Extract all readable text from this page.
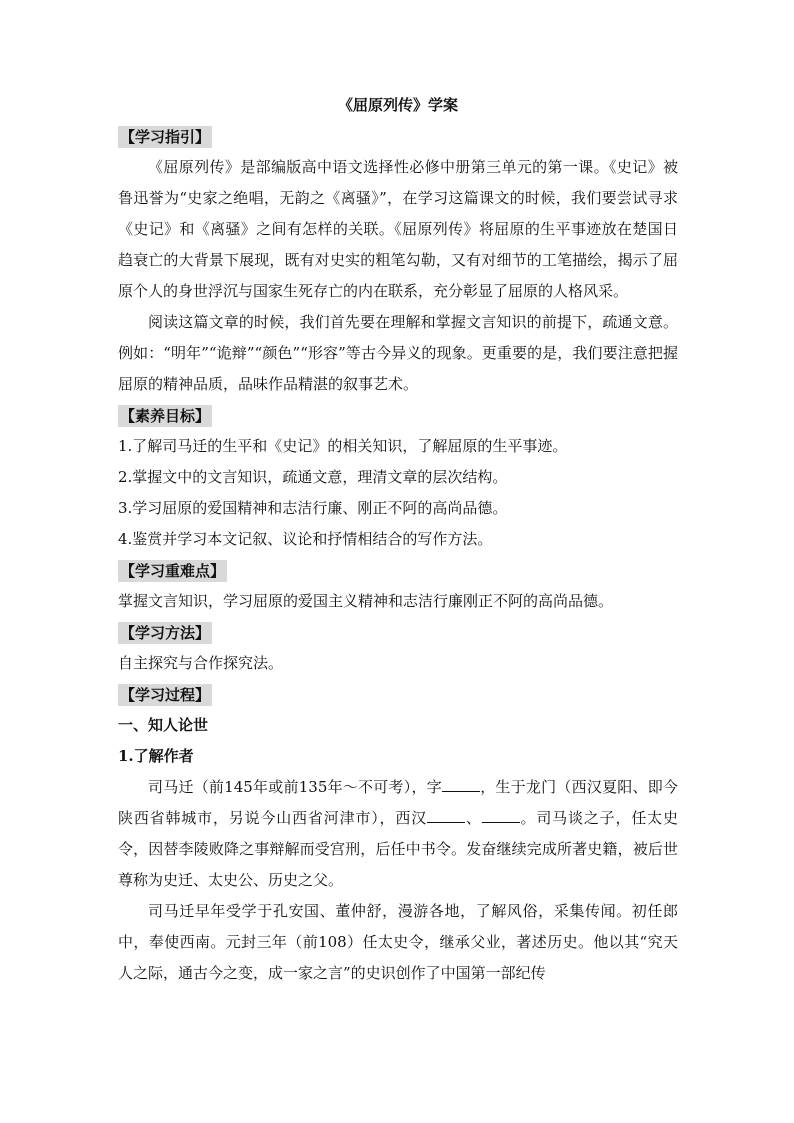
《屈原列传》学案
【学习指引】

《屈原列传》是部编版高中语文选择性必修中册第三单元的第一课。《史记》被鲁迅誉为“史家之绝唱，无韵之《离骚》”，在学习这篇课文的时候，我们要尝试寻求《史记》和《离骚》之间有怎样的关联。《屈原列传》将屈原的生平事迹放在楚国日趋衰亡的大背景下展现，既有对史实的粗笔勾勒，又有对细节的工笔描绘，揭示了屈原个人的身世浮沉与国家生死存亡的内在联系，充分彰显了屈原的人格风采。

阅读这篇文章的时候，我们首先要在理解和掌握文言知识的前提下，疏通文意。例如：“明年”“诡辩”“颜色”“形容”等古今异义的现象。更重要的是，我们要注意把握屈原的精神品质，品味作品精湛的叙事艺术。

【素养目标】

1.了解司马迁的生平和《史记》的相关知识，了解屈原的生平事迹。

2.掌握文中的文言知识，疏通文意，理清文章的层次结构。

3.学习屈原的爱国精神和志洁行廉、刚正不阿的高尚品德。

4.鉴赏并学习本文记叙、议论和抒情相结合的写作方法。

【学习重难点】

掌握文言知识，学习屈原的爱国主义精神和志洁行廉刚正不阿的高尚品德。

【学习方法】

自主探究与合作探究法。

【学习过程】

一、知人论世

1.了解作者

司马迁（前145年或前135年～不可考），字	，生于龙门（西汉夏阳、即今陕西省韩城市，另说今山西省河津市），西汉	、	。司马谈之子，任太史令，因替李陵败降之事辩解而受宫刑，后任中书令。发奋继续完成所著史籍，被后世尊称为史迁、太史公、历史之父。

司马迁早年受学于孔安国、董仲舒，漫游各地，了解风俗，采集传闻。初任郎中，奉使西南。元封三年（前108）任太史令，继承父业，著述历史。他以其“究天人之际，通古今之变，成一家之言”的史识创作了中国第一部纪传
